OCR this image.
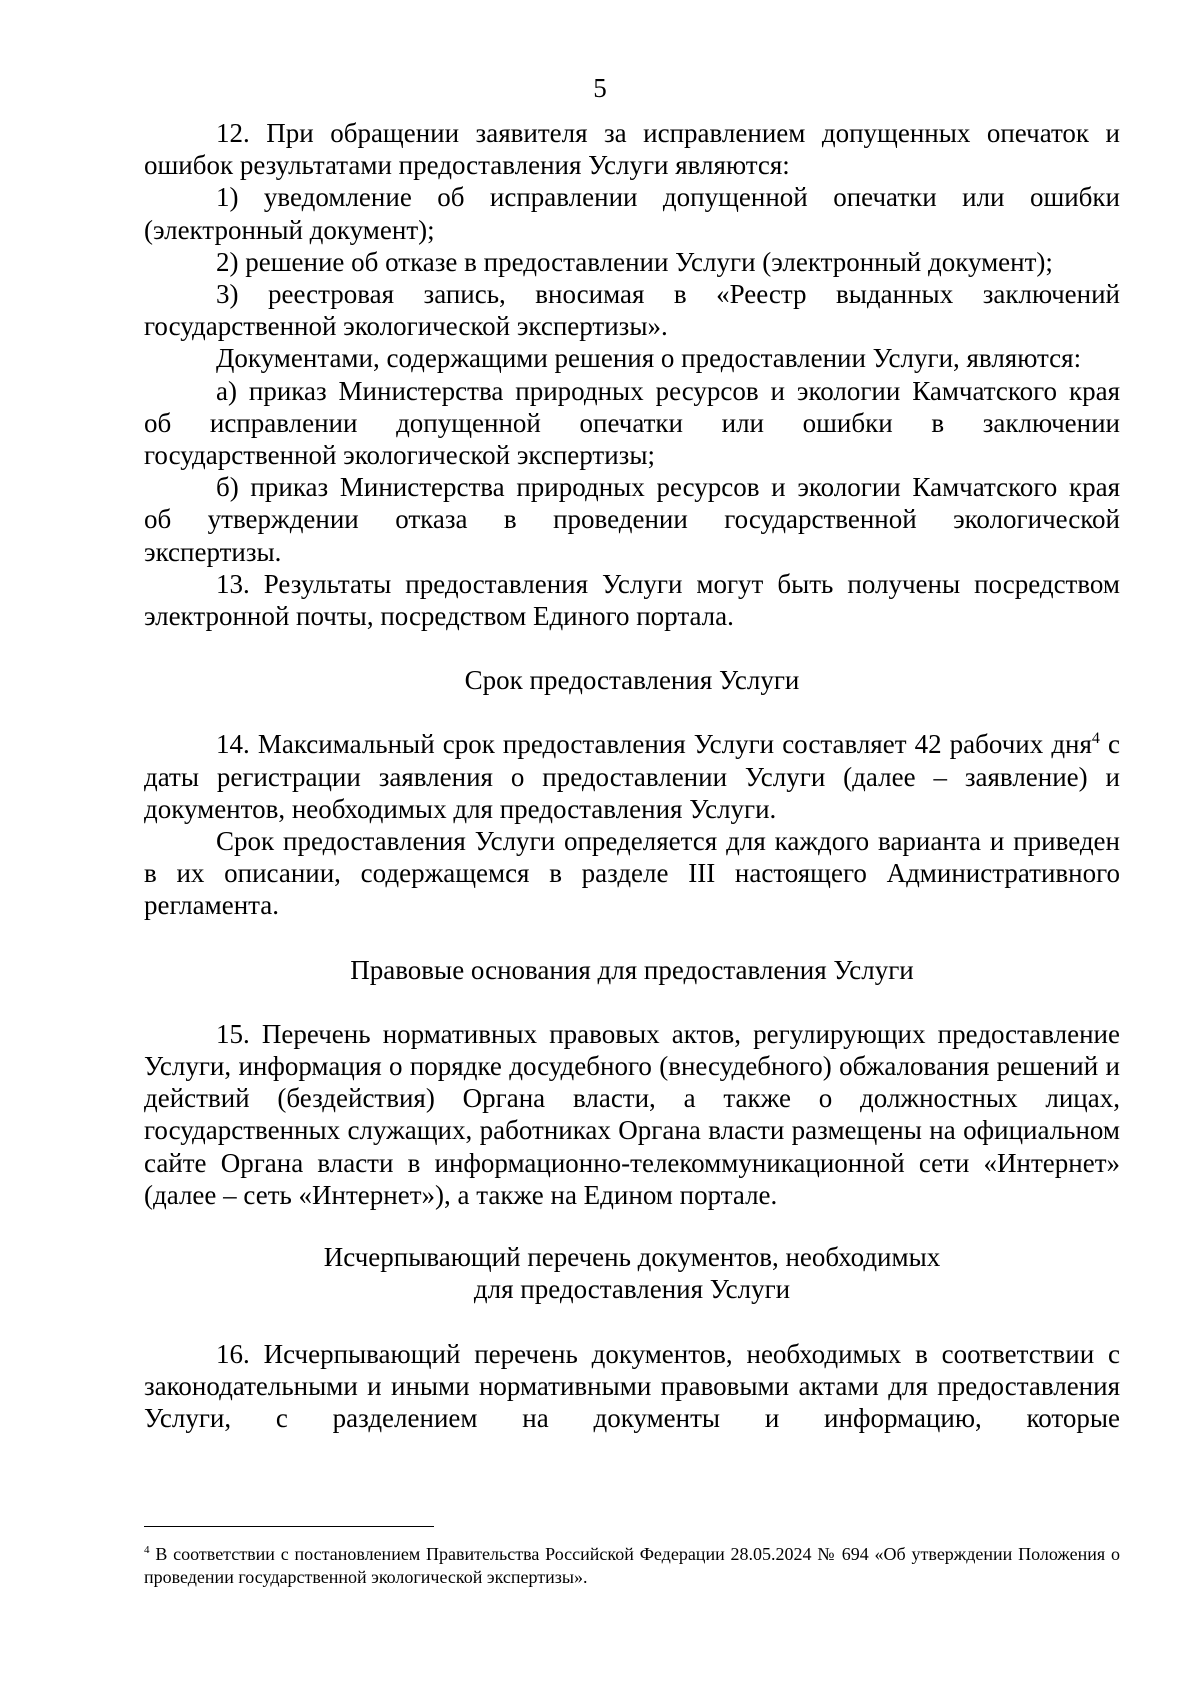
5

12. При обращении заявителя за исправлением допущенных опечаток и ошибок результатами предоставления Услуги являются:

1) уведомление об исправлении допущенной опечатки или ошибки

(электронный документ);

2) решение об отказе в предоставлении Услуги (электронный документ);

3) реестровая запись, вносимая в «Реестр выданных заключений

государственной экологической экспертизы».

Документами, содержащими решения о предоставлении Услуги, являются:

а) приказ Министерства природных ресурсов и экологии Камчатского края

об исправлении допущенной опечатки или ошибки в заключении

государственной экологической экспертизы;

б) приказ Министерства природных ресурсов и экологии Камчатского края

об утверждении отказа в проведении государственной экологической

экспертизы.

13. Результаты предоставления Услуги могут быть получены посредством электронной почты, посредством Единого портала.

Срок предоставления Услуги

14. Максимальный срок предоставления Услуги составляет 42 рабочих дня$^4$ с даты регистрации заявления о предоставлении Услуги (далее – заявление) и документов, необходимых для предоставления Услуги.

Срок предоставления Услуги определяется для каждого варианта и приведен в их описании, содержащемся в разделе III настоящего Административного регламента.

Правовые основания для предоставления Услуги

15. Перечень нормативных правовых актов, регулирующих предоставление Услуги, информация о порядке досудебного (внесудебного) обжалования решений и действий (бездействия) Органа власти, а также о должностных лицах, государственных служащих, работниках Органа власти размещены на официальном сайте Органа власти в информационно-телекоммуникационной сети «Интернет» (далее – сеть «Интернет»), а также на Едином портале.

Исчерпывающий перечень документов, необходимых
для предоставления Услуги

16. Исчерпывающий перечень документов, необходимых в соответствии с законодательными и иными нормативными правовыми актами для предоставления Услуги, с разделением на документы и информацию, которые

$^4$ В соответствии с постановлением Правительства Российской Федерации 28.05.2024 № 694 «Об утверждении Положения о проведении государственной экологической экспертизы».
